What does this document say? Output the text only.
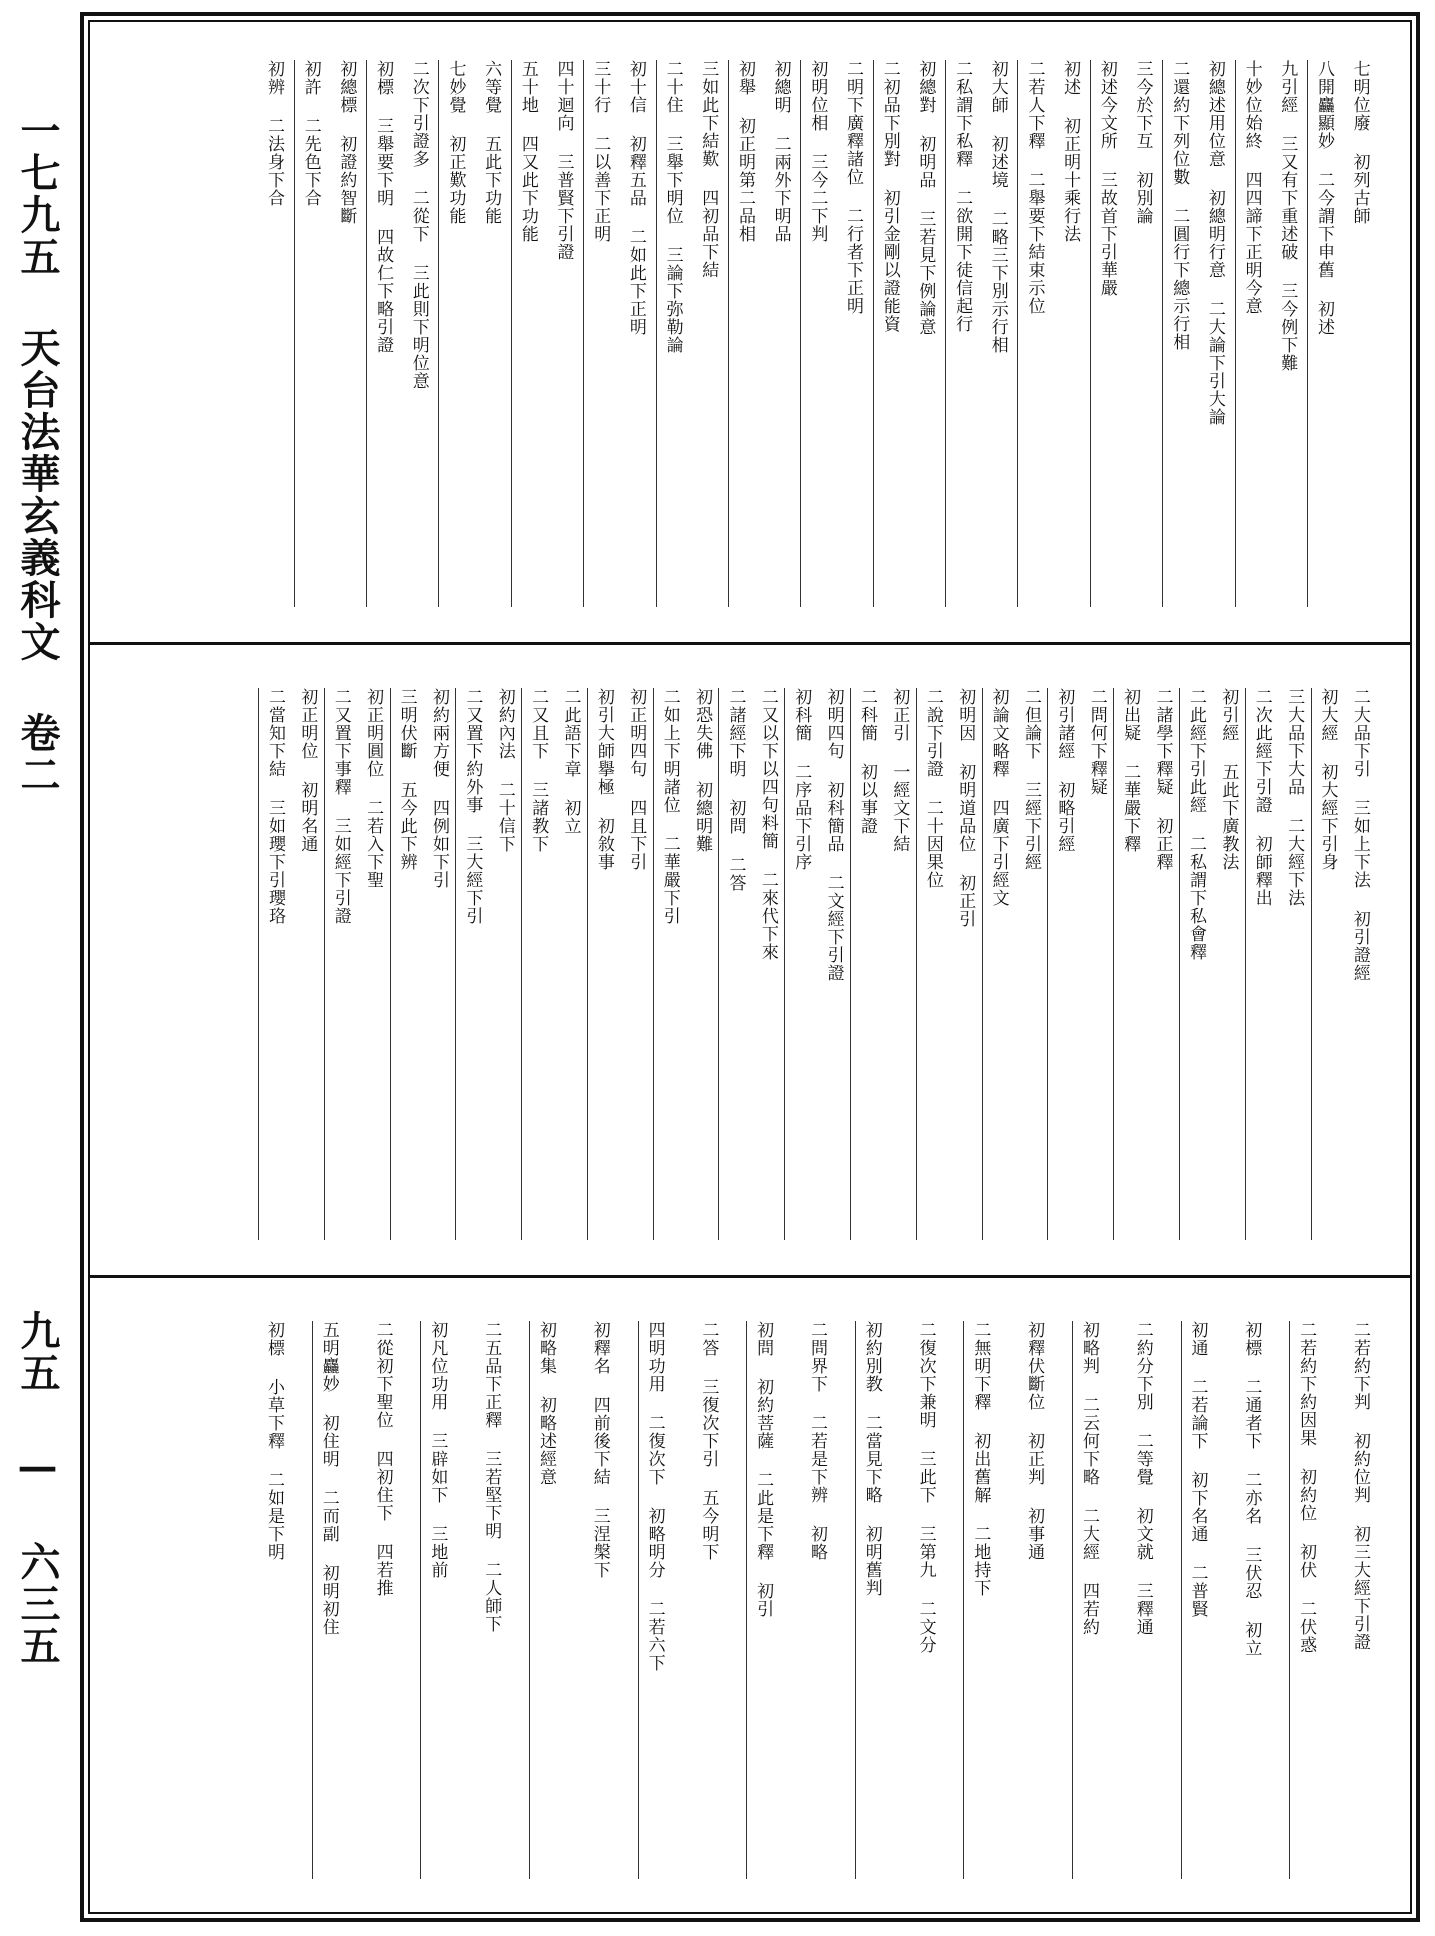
一七九五 天台法華玄義科文 卷二
九五 — 六三五
七明位廢 初列古師
八開麤顯妙 二今謂下申舊 初述
九引經 三又有下重述破 三今例下難
十妙位始終 四四諦下正明今意
初總述用位意 初總明行意 二大論下引大論
二還約下列位數 二圓行下總示行相
三今於下互 初別論
初述今文所 三故首下引華嚴
初述 初正明十乘行法
二若人下釋 二舉要下結束示位
初大師 初述境 二略三下別示行相
二私謂下私釋 二欲開下徒信起行
初總對 初明品 三若見下例論意
二初品下別對 初引金剛以證能資
二明下廣釋諸位 二行者下正明
初明位相 三今二下判
初總明 二兩外下明品
初舉 初正明第二品相
三如此下結歎 四初品下結
二十住 三舉下明位 三論下弥勒論
初十信 初釋五品 二如此下正明
三十行 二以善下正明
四十迴向 三普賢下引證
五十地 四又此下功能
六等覺 五此下功能
七妙覺 初正歎功能
二次下引證多 二從下 三此則下明位意
初標 三舉要下明 四故仁下略引證
初總標 初證約智斷
初許 二先色下合
初辨 二法身下合
二大品下引 三如上下法 初引證經
初大經 初大經下引身
三大品下大品 二大經下法
二次此經下引證 初師釋出
初引經 五此下廣教法
二此經下引此經 二私謂下私會釋
二諸學下釋疑 初正釋
初出疑 二華嚴下釋
二問何下釋疑
初引諸經 初略引經
二但論下 三經下引經
初論文略釋 四廣下引經文
初明因 初明道品位 初正引
二說下引證 二十因果位
初正引 一經文下結
二科簡 初以事證
初明四句 初科簡品 二文經下引證
初科簡 二序品下引序
二又以下以四句料簡 二來代下來
二諸經下明 初問 二答
初恐失佛 初總明難
二如上下明諸位 二華嚴下引
初正明四句 四且下引
初引大師擧極 初敘事
二此語下章 初立
二又且下 三諸教下
初約內法 二十信下
二又置下約外事 三大經下引
初約兩方便 四例如下引
三明伏斷 五今此下辨
初正明圓位 二若入下聖
二又置下事釋 三如經下引證
初正明位 初明名通
二當知下結 三如瓔下引瓔珞
二若約下判 初約位判 初三大經下引證
二若約下約因果 初約位 初伏 二伏惑
初標 二通者下 二亦名 三伏忍 初立
初通 二若論下 初下名通 二普賢
二約分下別 二等覺 初文就 三釋通
初略判 二云何下略 二大經 四若約
初釋伏斷位 初正判 初事通
二無明下釋 初出舊解 二地持下
二復次下兼明 三此下 三第九 二文分
初約別教 二當見下略 初明舊判
二問界下 二若是下辨 初略
初問 初約菩薩 二此是下釋 初引
二答 三復次下引 五今明下
四明功用 二復次下 初略明分 二若六下
初釋名 四前後下結 三涅槃下
初略集 初略述經意
二五品下正釋 三若堅下明 二人師下
初凡位功用 三辟如下 三地前
二從初下聖位 四初住下 四若推
五明麤妙 初住明 二而副 初明初住
初標 小草下釋 二如是下明
